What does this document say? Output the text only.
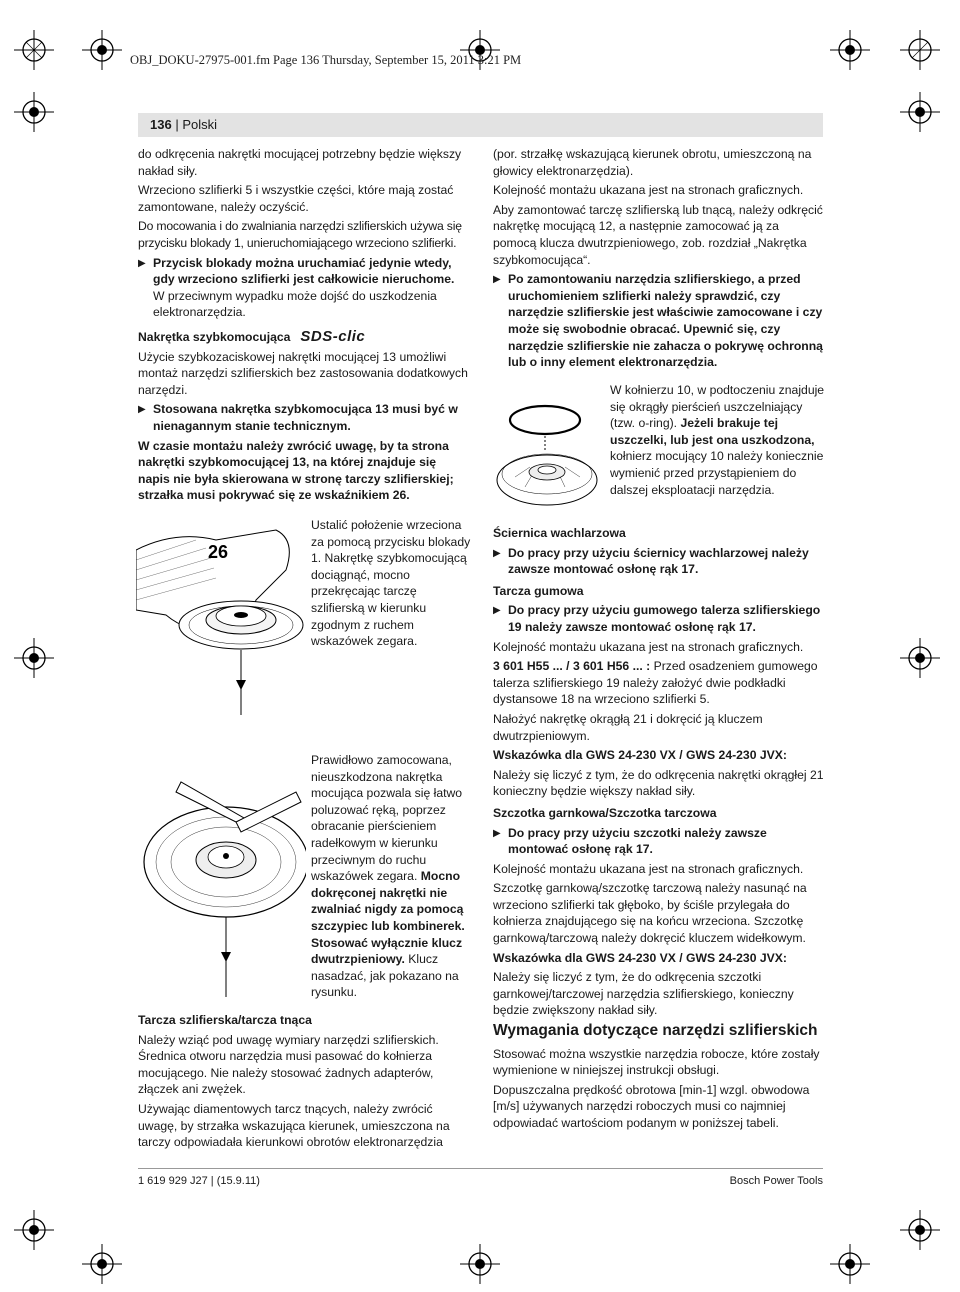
OBJ_DOKU-27975-001.fm Page 136 Thursday, September 15, 2011 3:21 PM
136 | Polski

do odkręcenia nakrętki mocującej potrzebny będzie większy nakład siły.

Wrzeciono szlifierki 5 i wszystkie części, które mają zostać zamontowane, należy oczyścić.

Do mocowania i do zwalniania narzędzi szlifierskich używa się przycisku blokady 1, unieruchomiającego wrzeciono szlifierki.

▶ Przycisk blokady można uruchamiać jedynie wtedy, gdy wrzeciono szlifierki jest całkowicie nieruchome. W przeciwnym wypadku może dojść do uszkodzenia elektronarzędzia.

Nakrętka szybkomocująca SDS-clic

Użycie szybkozaciskowej nakrętki mocującej 13 umożliwi montaż narzędzi szlifierskich bez zastosowania dodatkowych narzędzi.

▶ Stosowana nakrętka szybkomocująca 13 musi być w nienagannym stanie technicznym.

W czasie montażu należy zwrócić uwagę, by ta strona nakrętki szybkomocującej 13, na której znajduje się napis nie była skierowana w stronę tarczy szlifierskiej; strzałka musi pokrywać się ze wskaźnikiem 26.

26
Ustalić położenie wrzeciona za pomocą przycisku blokady 1. Nakrętkę szybkomocującą dociągnąć, mocno przekręcając tarczę szlifierską w kierunku zgodnym z ruchem wskazówek zegara.
Prawidłowo zamocowana, nieuszkodzona nakrętka mocująca pozwala się łatwo poluzować ręką, poprzez obracanie pierścieniem radełkowym w kierunku przeciwnym do ruchu wskazówek zegara. Mocno dokręconej nakrętki nie zwalniać nigdy za pomocą szczypiec lub kombinerek. Stosować wyłącznie klucz dwutrzpieniowy. Klucz nasadzać, jak pokazano na rysunku.

Tarcza szlifierska/tarcza tnąca

Należy wziąć pod uwagę wymiary narzędzi szlifierskich. Średnica otworu narzędzia musi pasować do kołnierza mocującego. Nie należy stosować żadnych adapterów, złączek ani zwężek.

Używając diamentowych tarcz tnących, należy zwrócić uwagę, by strzałka wskazująca kierunek, umieszczona na tarczy odpowiadała kierunkowi obrotów elektronarzędzia

(por. strzałkę wskazującą kierunek obrotu, umieszczoną na głowicy elektronarzędzia).

Kolejność montażu ukazana jest na stronach graficznych.

Aby zamontować tarczę szlifierską lub tnącą, należy odkręcić nakrętkę mocującą 12, a następnie zamocować ją za pomocą klucza dwutrzpieniowego, zob. rozdział „Nakrętka szybkomocująca“.

▶ Po zamontowaniu narzędzia szlifierskiego, a przed uruchomieniem szlifierki należy sprawdzić, czy narzędzie szlifierskie jest właściwie zamocowane i czy może się swobodnie obracać. Upewnić się, czy narzędzie szlifierskie nie zahacza o pokrywę ochronną lub o inny element elektronarzędzia.
W kołnierzu 10, w podtoczeniu znajduje się okrągły pierścień uszczelniający (tzw. o-ring). Jeżeli brakuje tej uszczelki, lub jest ona uszkodzona, kołnierz mocujący 10 należy koniecznie wymienić przed przystąpieniem do dalszej eksploatacji narzędzia.

Ściernica wachlarzowa

▶ Do pracy przy użyciu ściernicy wachlarzowej należy zawsze montować osłonę rąk 17.

Tarcza gumowa

▶ Do pracy przy użyciu gumowego talerza szlifierskiego 19 należy zawsze montować osłonę rąk 17.

Kolejność montażu ukazana jest na stronach graficznych.

3 601 H55 ... / 3 601 H56 ... : Przed osadzeniem gumowego talerza szlifierskiego 19 należy założyć dwie podkładki dystansowe 18 na wrzeciono szlifierki 5.

Nałożyć nakrętkę okrągłą 21 i dokręcić ją kluczem dwutrzpieniowym.

Wskazówka dla GWS 24-230 VX / GWS 24-230 JVX:

Należy się liczyć z tym, że do odkręcenia nakrętki okrągłej 21 konieczny będzie większy nakład siły.

Szczotka garnkowa/Szczotka tarczowa

▶ Do pracy przy użyciu szczotki należy zawsze montować osłonę rąk 17.

Kolejność montażu ukazana jest na stronach graficznych.

Szczotkę garnkową/szczotkę tarczową należy nasunąć na wrzeciono szlifierki tak głęboko, by ściśle przylegała do kołnierza znajdującego się na końcu wrzeciona. Szczotkę garnkową/tarczową należy dokręcić kluczem widełkowym.

Wskazówka dla GWS 24-230 VX / GWS 24-230 JVX:

Należy się liczyć z tym, że do odkręcenia szczotki garnkowej/tarczowej narzędzia szlifierskiego, konieczny będzie zwiększony nakład siły.

Wymagania dotyczące narzędzi szlifierskich

Stosować można wszystkie narzędzia robocze, które zostały wymienione w niniejszej instrukcji obsługi.

Dopuszczalna prędkość obrotowa [min-1] wzgl. obwodowa [m/s] używanych narzędzi roboczych musi co najmniej odpowiadać wartościom podanym w poniższej tabeli.

1 619 929 J27 | (15.9.11)	Bosch Power Tools
